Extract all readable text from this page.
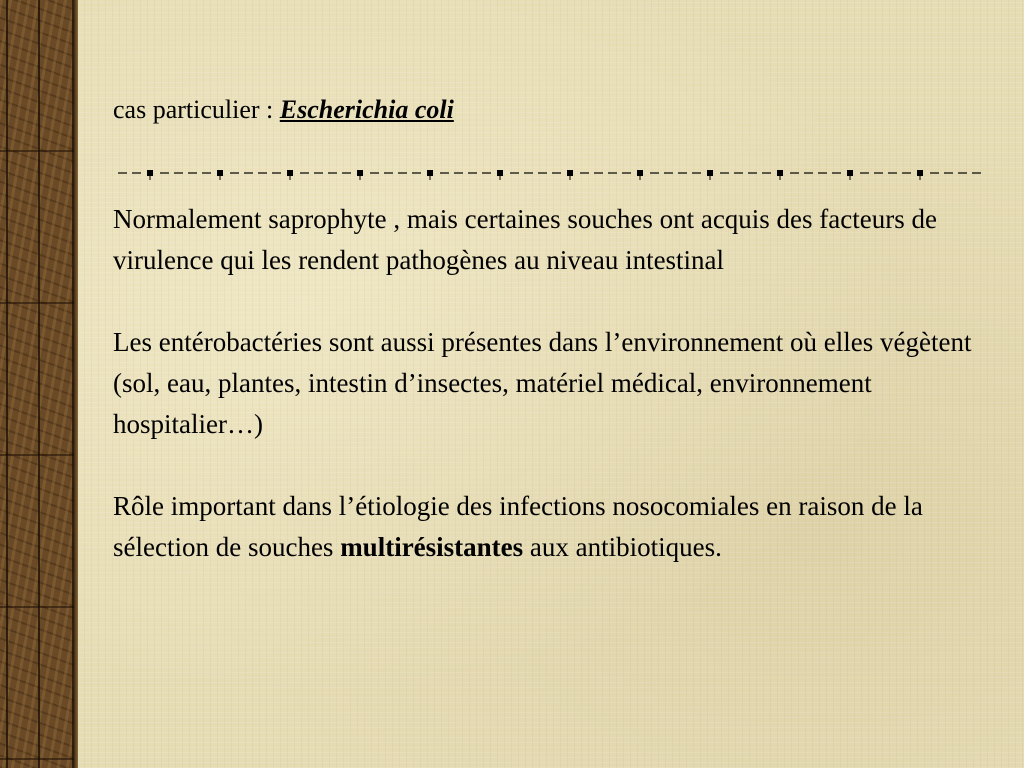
cas particulier : Escherichia coli

Normalement saprophyte , mais certaines souches ont acquis des facteurs de virulence qui les rendent pathogènes au niveau intestinal

Les entérobactéries sont aussi présentes dans l’environnement où elles végètent (sol, eau, plantes, intestin d’insectes, matériel médical, environnement hospitalier…)

Rôle important dans l’étiologie des infections nosocomiales en raison de la sélection de souches multirésistantes aux antibiotiques.
